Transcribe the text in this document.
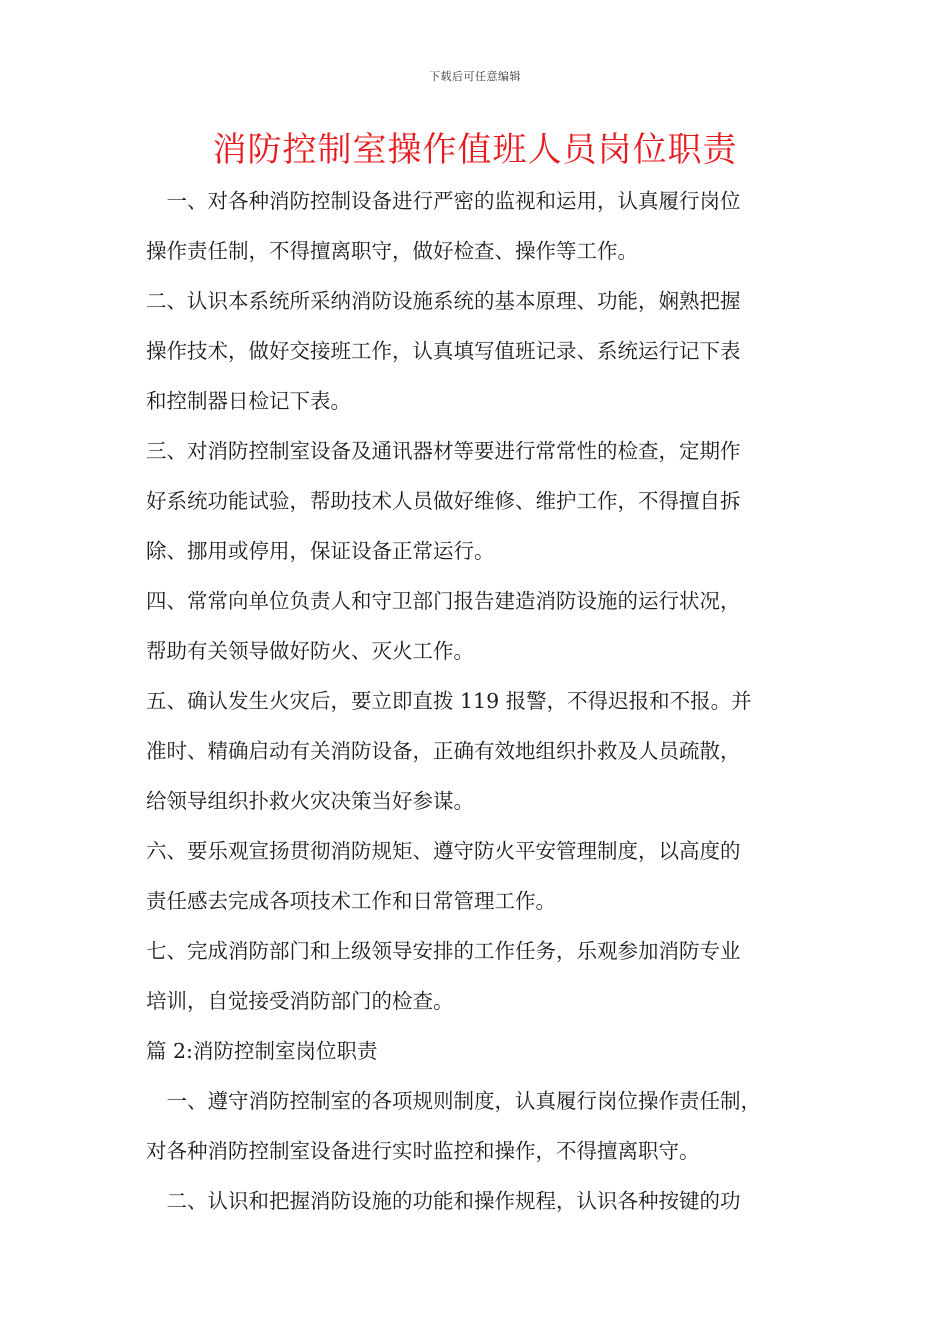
下载后可任意编辑
消防控制室操作值班人员岗位职责
　一、对各种消防控制设备进行严密的监视和运用，认真履行岗位
操作责任制，不得擅离职守，做好检查、操作等工作。
二、认识本系统所采纳消防设施系统的基本原理、功能，娴熟把握
操作技术，做好交接班工作，认真填写值班记录、系统运行记下表
和控制器日检记下表。
三、对消防控制室设备及通讯器材等要进行常常性的检查，定期作
好系统功能试验，帮助技术人员做好维修、维护工作，不得擅自拆
除、挪用或停用，保证设备正常运行。
四、常常向单位负责人和守卫部门报告建造消防设施的运行状况，
帮助有关领导做好防火、灭火工作。
五、确认发生火灾后，要立即直拨 119 报警，不得迟报和不报。并
准时、精确启动有关消防设备，正确有效地组织扑救及人员疏散，
给领导组织扑救火灾决策当好参谋。
六、要乐观宣扬贯彻消防规矩、遵守防火平安管理制度，以高度的
责任感去完成各项技术工作和日常管理工作。
七、完成消防部门和上级领导安排的工作任务，乐观参加消防专业
培训，自觉接受消防部门的检查。
篇 2:消防控制室岗位职责
　一、遵守消防控制室的各项规则制度，认真履行岗位操作责任制，
对各种消防控制室设备进行实时监控和操作，不得擅离职守。
　二、认识和把握消防设施的功能和操作规程，认识各种按键的功
